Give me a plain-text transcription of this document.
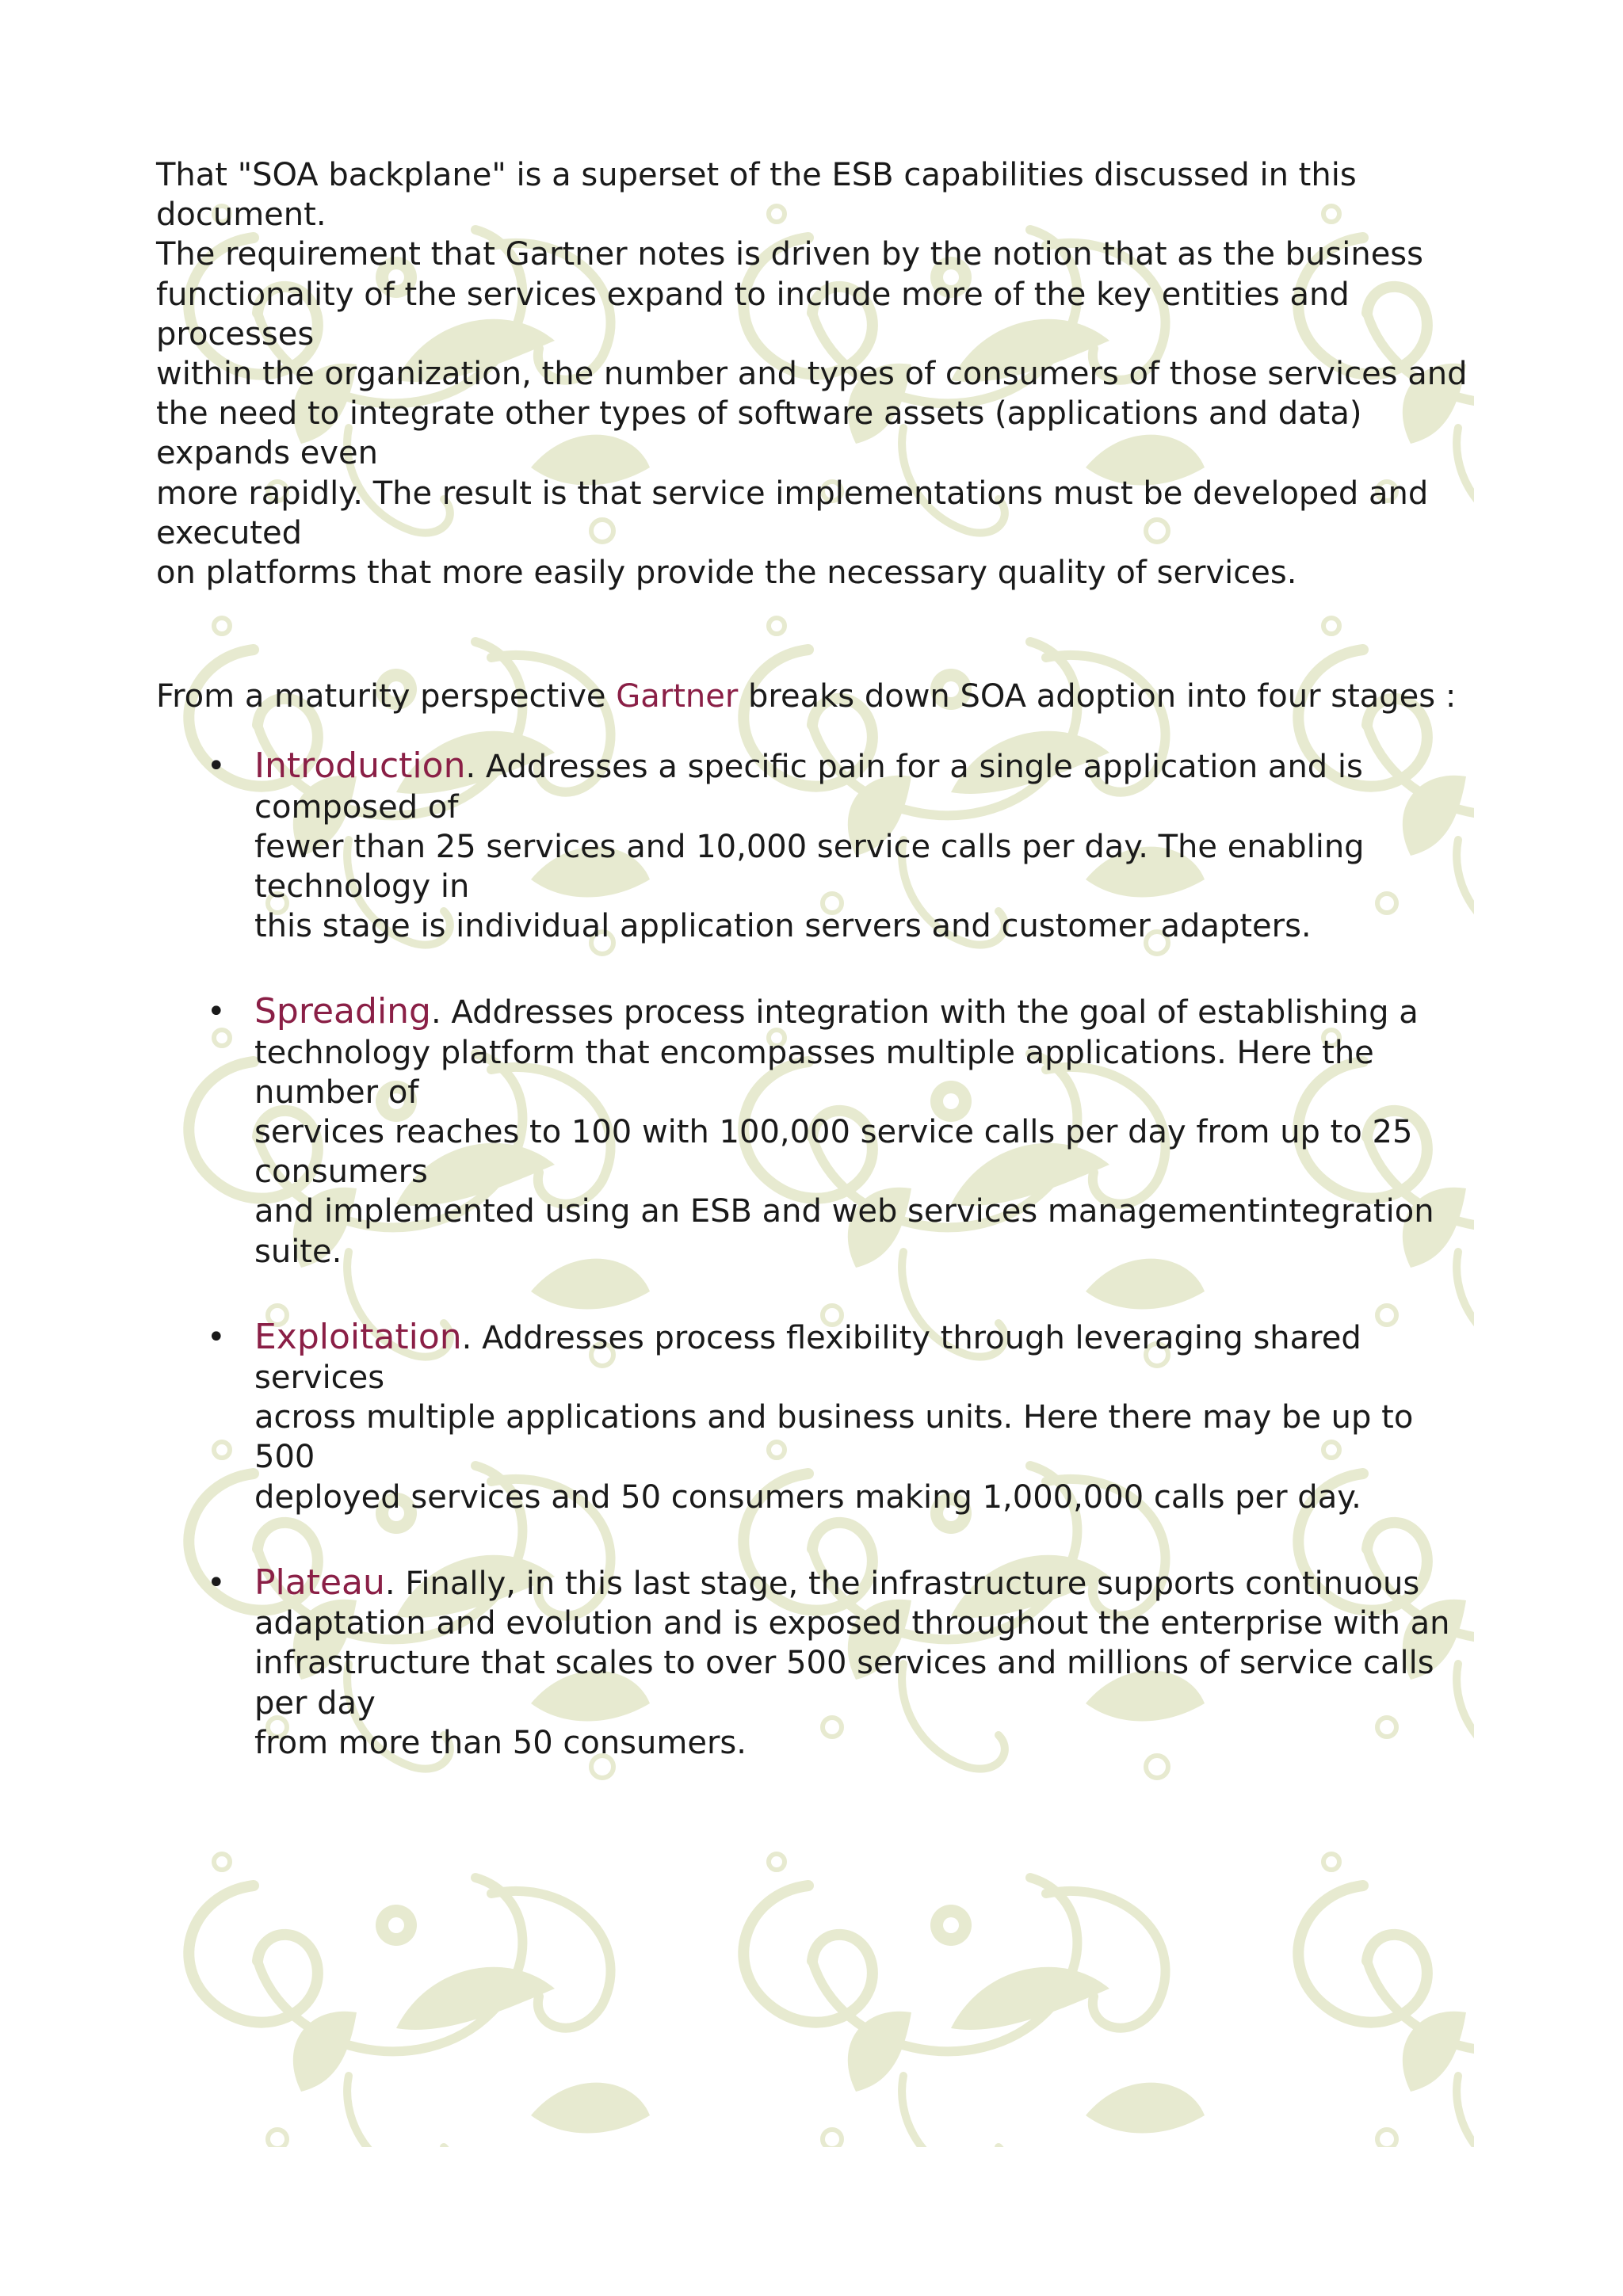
That "SOA backplane" is a superset of the ESB capabilities discussed in this document.
The requirement that Gartner notes is driven by the notion that as the business
functionality of the services expand to include more of the key entities and processes
within the organization, the number and types of consumers of those services and
the need to integrate other types of software assets (applications and data) expands even
more rapidly. The result is that service implementations must be developed and executed
on platforms that more easily provide the necessary quality of services.

From a maturity perspective Gartner breaks down SOA adoption into four stages :

• Introduction. Addresses a specific pain for a single application and is composed of
fewer than 25 services and 10,000 service calls per day. The enabling technology in
this stage is individual application servers and customer adapters.
• Spreading. Addresses process integration with the goal of establishing a
technology platform that encompasses multiple applications. Here the number of
services reaches to 100 with 100,000 service calls per day from up to 25 consumers
and implemented using an ESB and web services managementintegration suite.
• Exploitation. Addresses process flexibility through leveraging shared services
across multiple applications and business units. Here there may be up to 500
deployed services and 50 consumers making 1,000,000 calls per day.
• Plateau. Finally, in this last stage, the infrastructure supports continuous
adaptation and evolution and is exposed throughout the enterprise with an
infrastructure that scales to over 500 services and millions of service calls per day
from more than 50 consumers.
